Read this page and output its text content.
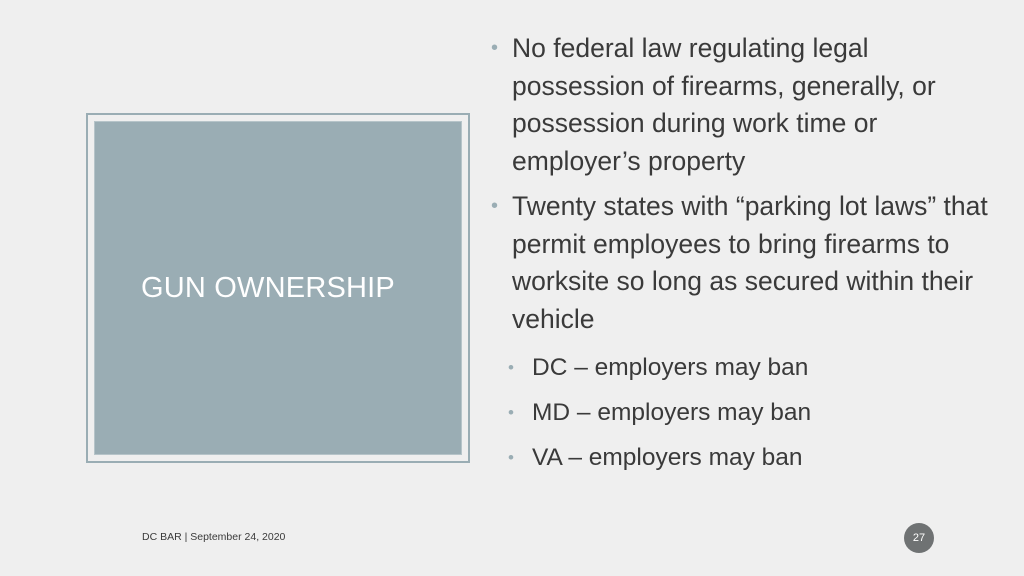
GUN OWNERSHIP
• No federal law regulating legal possession of firearms, generally, or possession during work time or employer’s property
• Twenty states with “parking lot laws” that permit employees to bring firearms to worksite so long as secured within their vehicle
• DC – employers may ban
• MD – employers may ban
• VA – employers may ban
DC BAR | September 24, 2020	27
